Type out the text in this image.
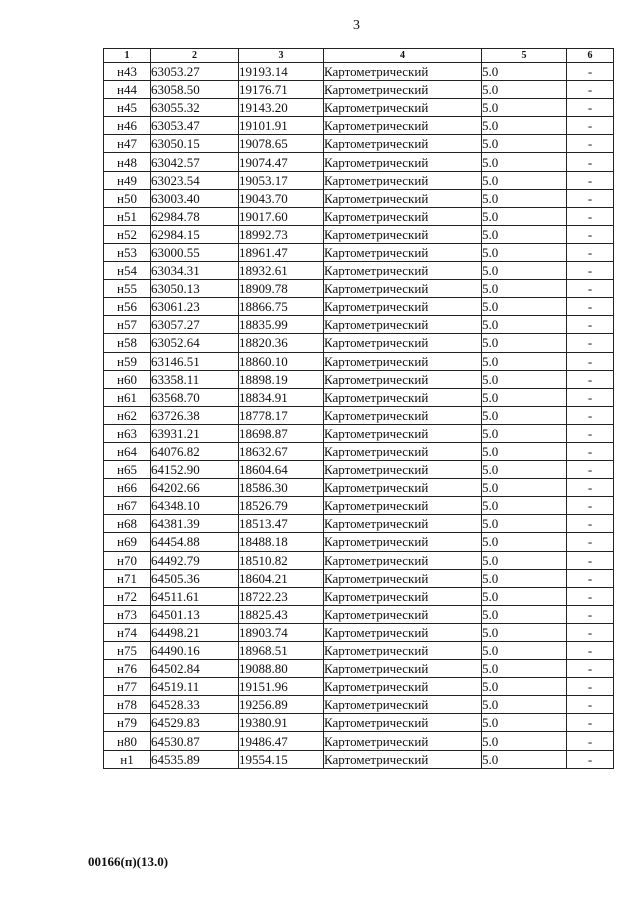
3
1	2	3	4	5	6
н43	63053.27	19193.14	Картометрический	5.0	-
н44	63058.50	19176.71	Картометрический	5.0	-
н45	63055.32	19143.20	Картометрический	5.0	-
н46	63053.47	19101.91	Картометрический	5.0	-
н47	63050.15	19078.65	Картометрический	5.0	-
н48	63042.57	19074.47	Картометрический	5.0	-
н49	63023.54	19053.17	Картометрический	5.0	-
н50	63003.40	19043.70	Картометрический	5.0	-
н51	62984.78	19017.60	Картометрический	5.0	-
н52	62984.15	18992.73	Картометрический	5.0	-
н53	63000.55	18961.47	Картометрический	5.0	-
н54	63034.31	18932.61	Картометрический	5.0	-
н55	63050.13	18909.78	Картометрический	5.0	-
н56	63061.23	18866.75	Картометрический	5.0	-
н57	63057.27	18835.99	Картометрический	5.0	-
н58	63052.64	18820.36	Картометрический	5.0	-
н59	63146.51	18860.10	Картометрический	5.0	-
н60	63358.11	18898.19	Картометрический	5.0	-
н61	63568.70	18834.91	Картометрический	5.0	-
н62	63726.38	18778.17	Картометрический	5.0	-
н63	63931.21	18698.87	Картометрический	5.0	-
н64	64076.82	18632.67	Картометрический	5.0	-
н65	64152.90	18604.64	Картометрический	5.0	-
н66	64202.66	18586.30	Картометрический	5.0	-
н67	64348.10	18526.79	Картометрический	5.0	-
н68	64381.39	18513.47	Картометрический	5.0	-
н69	64454.88	18488.18	Картометрический	5.0	-
н70	64492.79	18510.82	Картометрический	5.0	-
н71	64505.36	18604.21	Картометрический	5.0	-
н72	64511.61	18722.23	Картометрический	5.0	-
н73	64501.13	18825.43	Картометрический	5.0	-
н74	64498.21	18903.74	Картометрический	5.0	-
н75	64490.16	18968.51	Картометрический	5.0	-
н76	64502.84	19088.80	Картометрический	5.0	-
н77	64519.11	19151.96	Картометрический	5.0	-
н78	64528.33	19256.89	Картометрический	5.0	-
н79	64529.83	19380.91	Картометрический	5.0	-
н80	64530.87	19486.47	Картометрический	5.0	-
н1	64535.89	19554.15	Картометрический	5.0	-
00166(п)(13.0)
